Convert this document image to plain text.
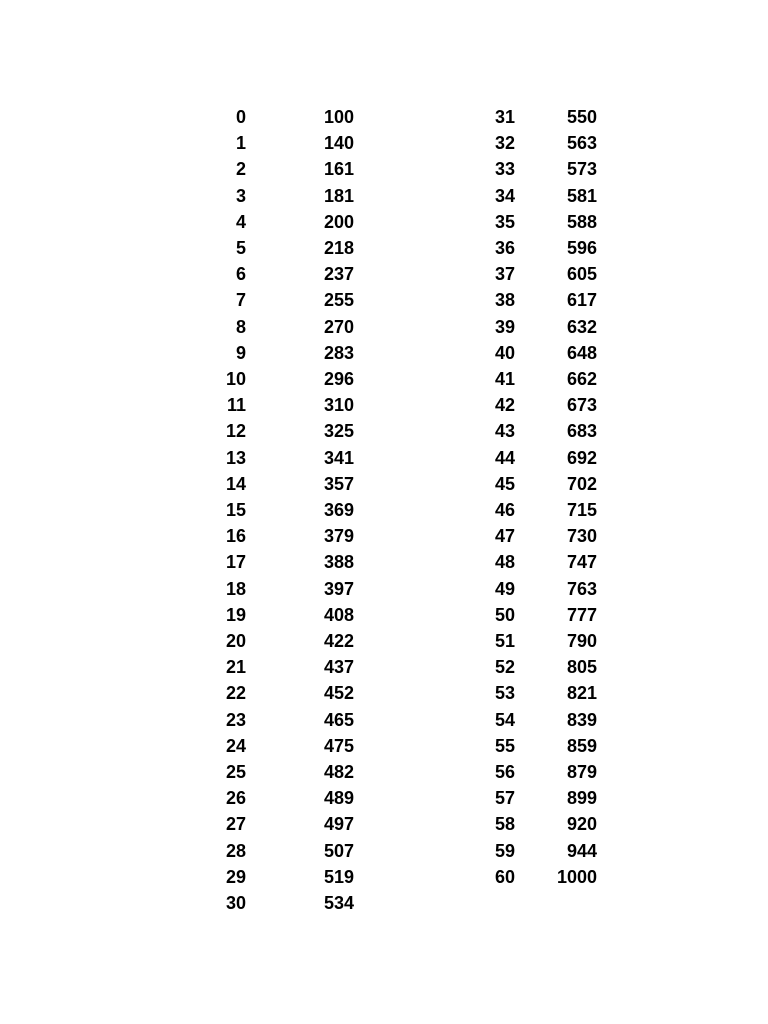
0	100
1	140
2	161
3	181
4	200
5	218
6	237
7	255
8	270
9	283
10	296
11	310
12	325
13	341
14	357
15	369
16	379
17	388
18	397
19	408
20	422
21	437
22	452
23	465
24	475
25	482
26	489
27	497
28	507
29	519
30	534
31	550
32	563
33	573
34	581
35	588
36	596
37	605
38	617
39	632
40	648
41	662
42	673
43	683
44	692
45	702
46	715
47	730
48	747
49	763
50	777
51	790
52	805
53	821
54	839
55	859
56	879
57	899
58	920
59	944
60	1000
